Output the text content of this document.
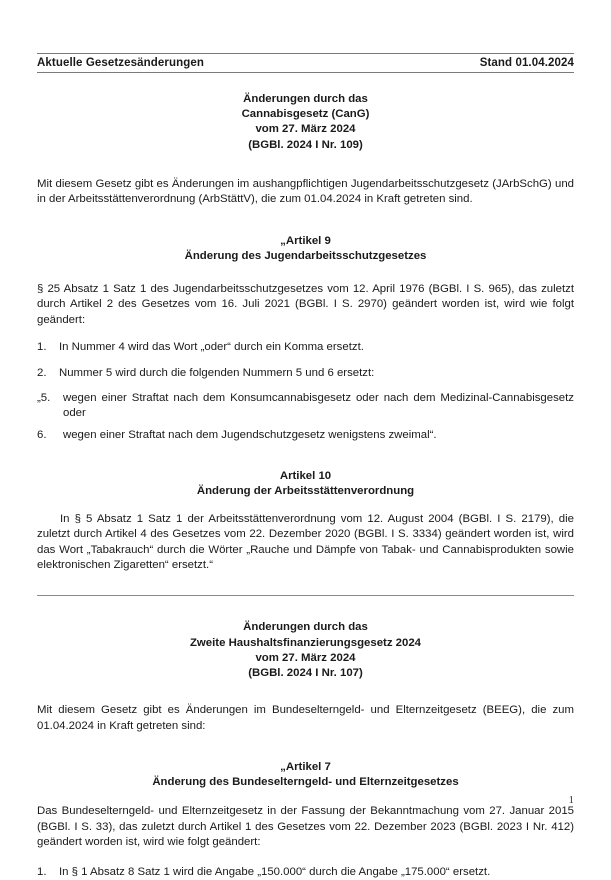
Aktuelle Gesetzesänderungen	Stand 01.04.2024
Änderungen durch das
Cannabisgesetz (CanG)
vom 27. März 2024
(BGBl. 2024 I Nr. 109)

Mit diesem Gesetz gibt es Änderungen im aushangpflichtigen Jugendarbeitsschutzgesetz (JArbSchG) und in der Arbeitsstättenverordnung (ArbStättV), die zum 01.04.2024 in Kraft getreten sind.

„Artikel 9
Änderung des Jugendarbeitsschutzgesetzes

§ 25 Absatz 1 Satz 1 des Jugendarbeitsschutzgesetzes vom 12. April 1976 (BGBl. I S. 965), das zuletzt durch Artikel 2 des Gesetzes vom 16. Juli 2021 (BGBl. I S. 2970) geändert worden ist, wird wie folgt geändert:

1.	In Nummer 4 wird das Wort „oder“ durch ein Komma ersetzt.
2.	Nummer 5 wird durch die folgenden Nummern 5 und 6 ersetzt:
„5.	wegen einer Straftat nach dem Konsumcannabisgesetz oder nach dem Medizinal-Cannabisgesetz oder
6.	wegen einer Straftat nach dem Jugendschutzgesetz wenigstens zweimal“.
Artikel 10
Änderung der Arbeitsstättenverordnung

In § 5 Absatz 1 Satz 1 der Arbeitsstättenverordnung vom 12. August 2004 (BGBl. I S. 2179), die zuletzt durch Artikel 4 des Gesetzes vom 22. Dezember 2020 (BGBl. I S. 3334) geändert worden ist, wird das Wort „Tabakrauch“ durch die Wörter „Rauche und Dämpfe von Tabak- und Cannabisprodukten sowie elektronischen Zigaretten“ ersetzt.“

Änderungen durch das
Zweite Haushaltsfinanzierungsgesetz 2024
vom 27. März 2024
(BGBl. 2024 I Nr. 107)

Mit diesem Gesetz gibt es Änderungen im Bundeselterngeld- und Elternzeitgesetz (BEEG), die zum 01.04.2024 in Kraft getreten sind:

„Artikel 7
Änderung des Bundeselterngeld- und Elternzeitgesetzes

Das Bundeselterngeld- und Elternzeitgesetz in der Fassung der Bekanntmachung vom 27. Januar 2015 (BGBl. I S. 33), das zuletzt durch Artikel 1 des Gesetzes vom 22. Dezember 2023 (BGBl. 2023 I Nr. 412) geändert worden ist, wird wie folgt geändert:

1.	In § 1 Absatz 8 Satz 1 wird die Angabe „150.000“ durch die Angabe „175.000“ ersetzt.
1
